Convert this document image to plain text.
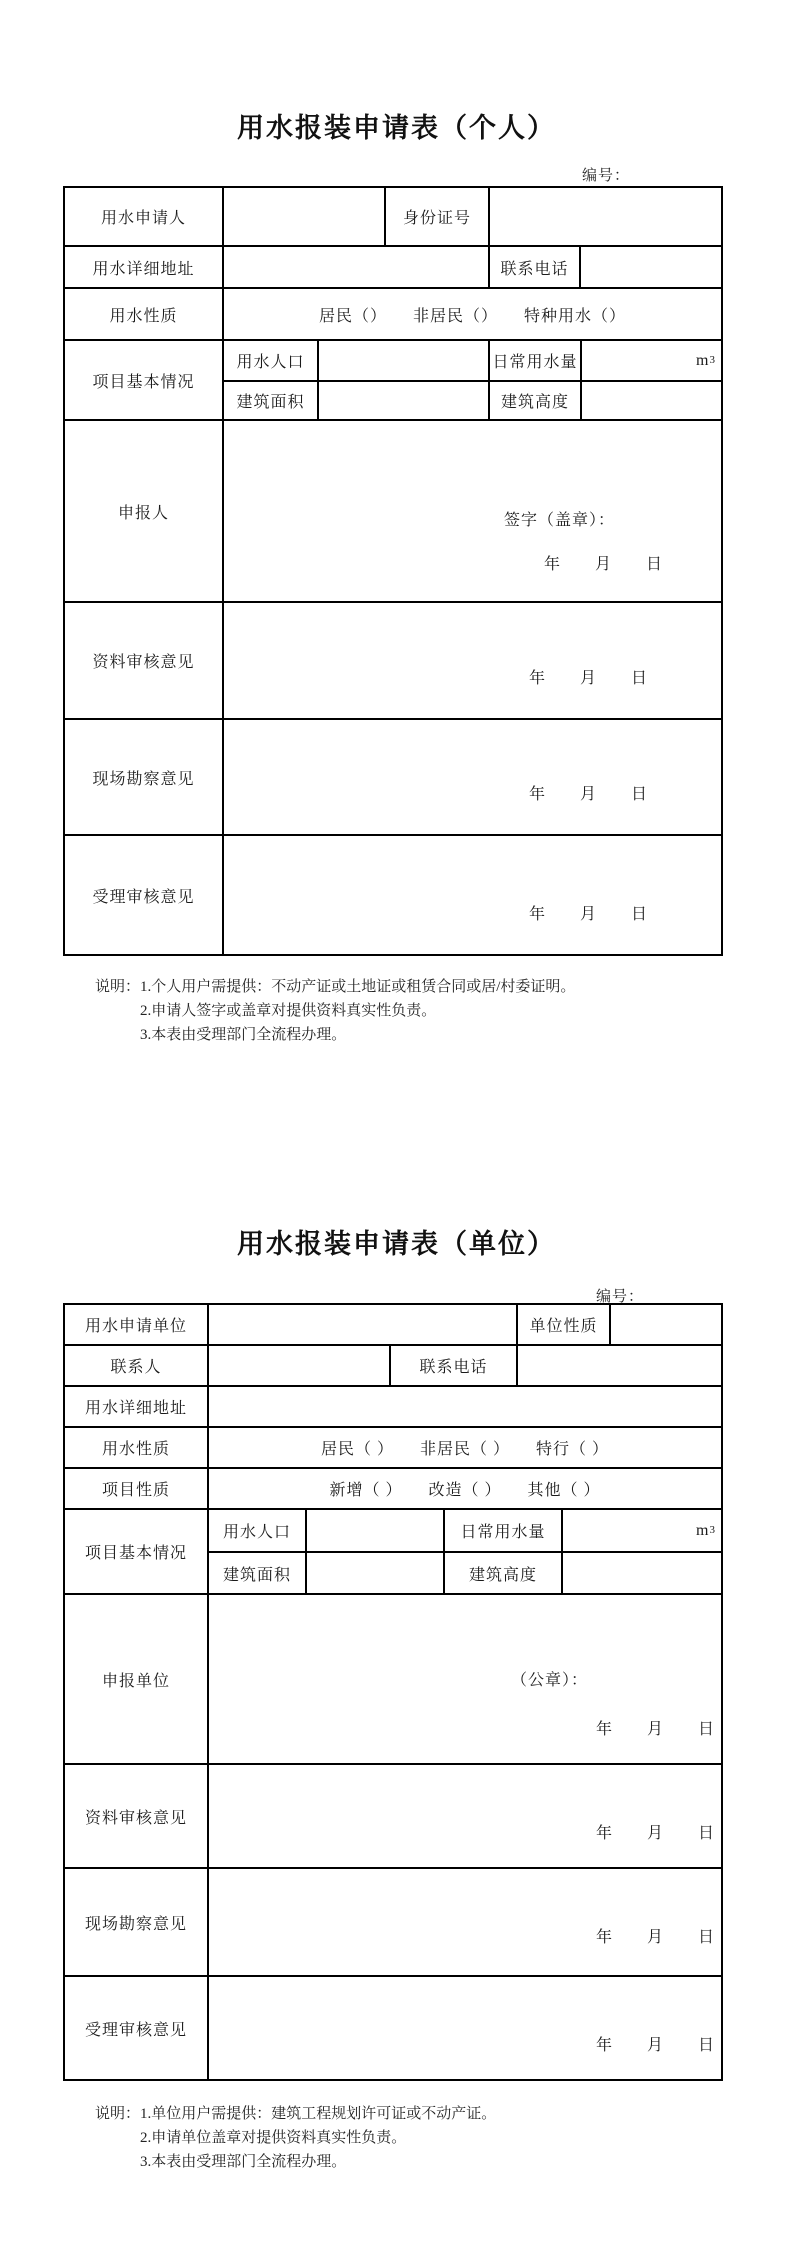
用水报装申请表（个人）
编号：
用水申请人	身份证号
用水详细地址	联系电话
用水性质	居民（）　　非居民（）　　特种用水（）
项目基本情况
用水人口	日常用水量	m 3
建筑面积	建筑高度
申报人	签字（盖章）：
年　　月　　日
资料审核意见
年　　月　　日
现场勘察意见
年　　月　　日
受理审核意见
年　　月　　日
说明： 1.个人用户需提供：不动产证或土地证或租赁合同或居/村委证明。
2.申请人签字或盖章对提供资料真实性负责。
3.本表由受理部门全流程办理。
用水报装申请表（单位）
编号：
用水申请单位	单位性质
联系人	联系电话
用水详细地址
用水性质	居民（ ）　　非居民（ ）　　特行（ ）
项目性质	新增（ ）　　改造（ ）　　其他（ ）
项目基本情况
用水人口	日常用水量	m 3
建筑面积	建筑高度
申报单位	（公章）：
年　　月　　日
资料审核意见
年　　月　　日
现场勘察意见
年　　月　　日
受理审核意见
年　　月　　日
说明： 1.单位用户需提供：建筑工程规划许可证或不动产证。
2.申请单位盖章对提供资料真实性负责。
3.本表由受理部门全流程办理。
